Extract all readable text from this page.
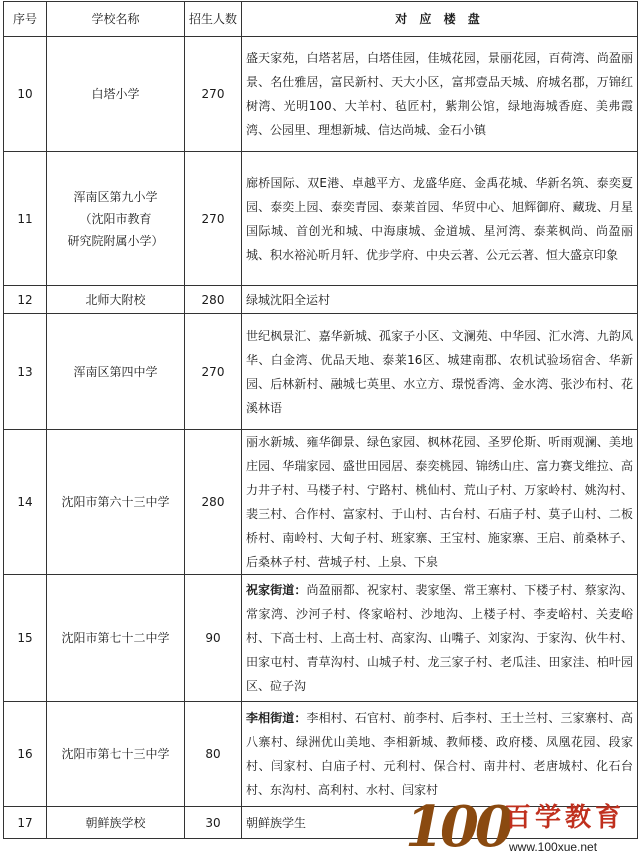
序号	学校名称	招生人数	对 应 楼 盘
10	白塔小学	270	盛天家苑，白塔茗居，白塔佳园，佳城花园，景丽花园，百荷湾、尚盈丽景、名仕雅居，富民新村、天大小区，富邦壹品天城、府城名郡，万锦红树湾、光明100、大羊村、毡匠村，紫荆公馆，绿地海城香庭、美弗霞湾、公园里、理想新城、信达尚城、金石小镇
11	浑南区第九小学
（沈阳市教育
研究院附属小学）	270	廊桥国际、双E港、卓越平方、龙盛华庭、金禹花城、华新名筑、泰奕夏园、泰奕上园、泰奕青园、泰莱首园、华贸中心、旭辉御府、藏珑、月星国际城、首创光和城、中海康城、金道城、星河湾、泰莱枫尚、尚盈丽城、积水裕沁昕月轩、优步学府、中央云著、公元云著、恒大盛京印象
12	北师大附校	280	绿城沈阳全运村
13	浑南区第四中学	270	世纪枫景汇、嘉华新城、孤家子小区、文澜苑、中华园、汇水湾、九韵风华、白金湾、优品天地、泰莱16区、城建南郡、农机试验场宿舍、华新园、后林新村、融城七英里、水立方、璟悦香湾、金水湾、张沙布村、花溪林语
14	沈阳市第六十三中学	280	丽水新城、雍华御景、绿色家园、枫林花园、圣罗伦斯、听雨观澜、美地庄园、华瑞家园、盛世田园居、泰奕桃园、锦绣山庄、富力赛戈维拉、高力井子村、马楼子村、宁路村、桃仙村、荒山子村、万家岭村、姚沟村、裴三村、合作村、富家村、于山村、古台村、石庙子村、莫子山村、二板桥村、南岭村、大甸子村、班家寨、王宝村、施家寨、王启、前桑林子、后桑林子村、营城子村、上泉、下泉
15	沈阳市第七十二中学	90	祝家街道：尚盈丽都、祝家村、裴家堡、常王寨村、下楼子村、蔡家沟、常家湾、沙河子村、佟家峪村、沙地沟、上楼子村、李麦峪村、关麦峪村、下高士村、上高士村、高家沟、山嘴子、刘家沟、于家沟、伙牛村、田家屯村、青草沟村、山城子村、龙三家子村、老瓜洼、田家洼、柏叶园区、砬子沟
16	沈阳市第七十三中学	80	李相街道：李相村、石官村、前李村、后李村、王士兰村、三家寨村、高八寨村、绿洲优山美地、李相新城、教师楼、政府楼、凤凰花园、段家村、闫家村、白庙子村、元利村、保合村、南井村、老唐城村、化石台村、东沟村、高利村、水村、闫家村
17	朝鲜族学校	30	朝鲜族学生 100
百学教育
www.100xue.net
